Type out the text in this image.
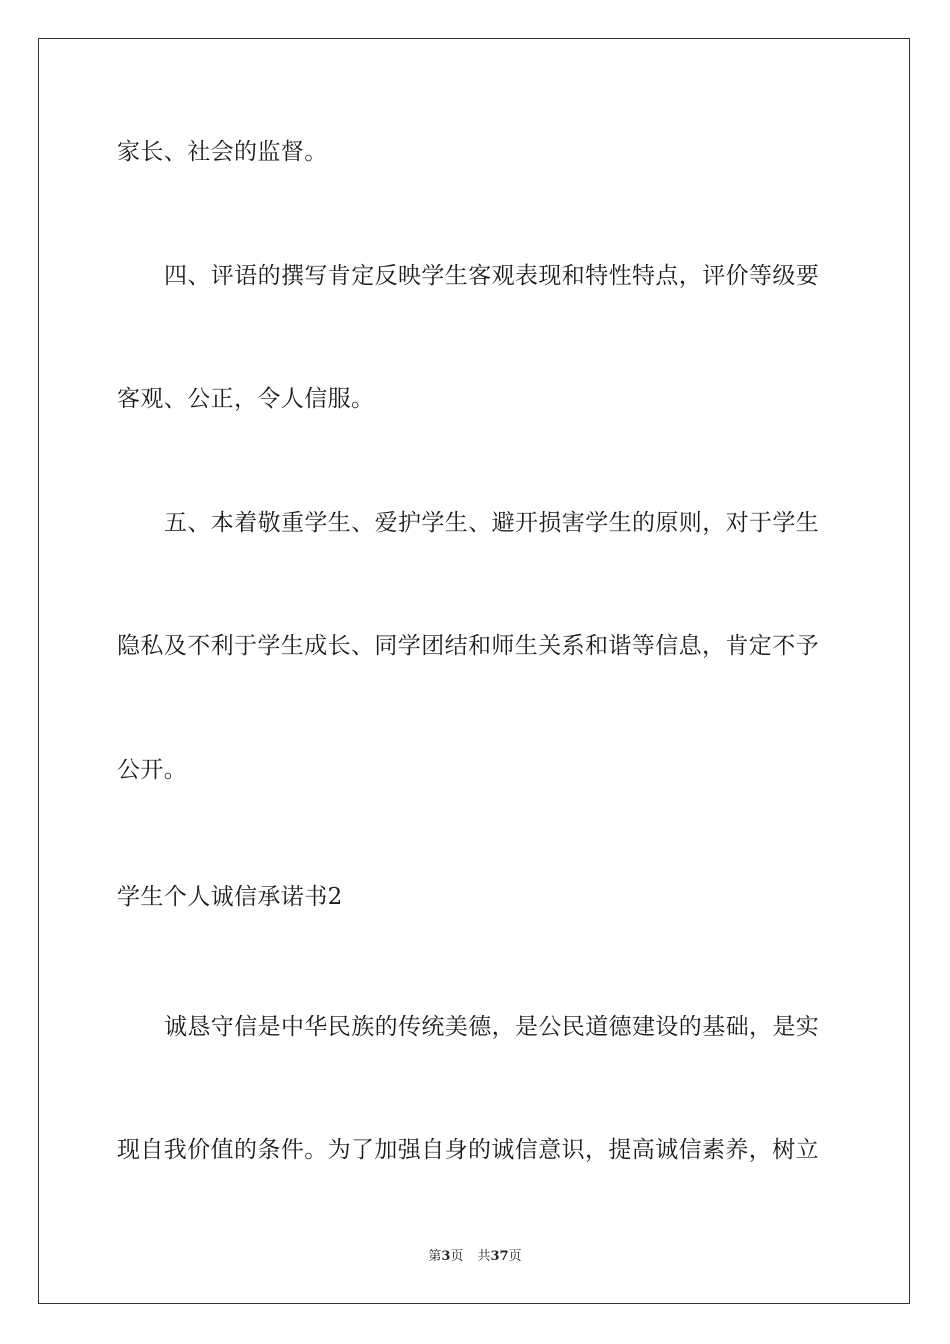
家长、社会的监督。
四、评语的撰写肯定反映学生客观表现和特性特点，评价等级要
客观、公正，令人信服。
五、本着敬重学生、爱护学生、避开损害学生的原则，对于学生
隐私及不利于学生成长、同学团结和师生关系和谐等信息，肯定不予
公开。
学生个人诚信承诺书2
诚恳守信是中华民族的传统美德，是公民道德建设的基础，是实
现自我价值的条件。为了加强自身的诚信意识，提高诚信素养，树立
第3页 共37页
